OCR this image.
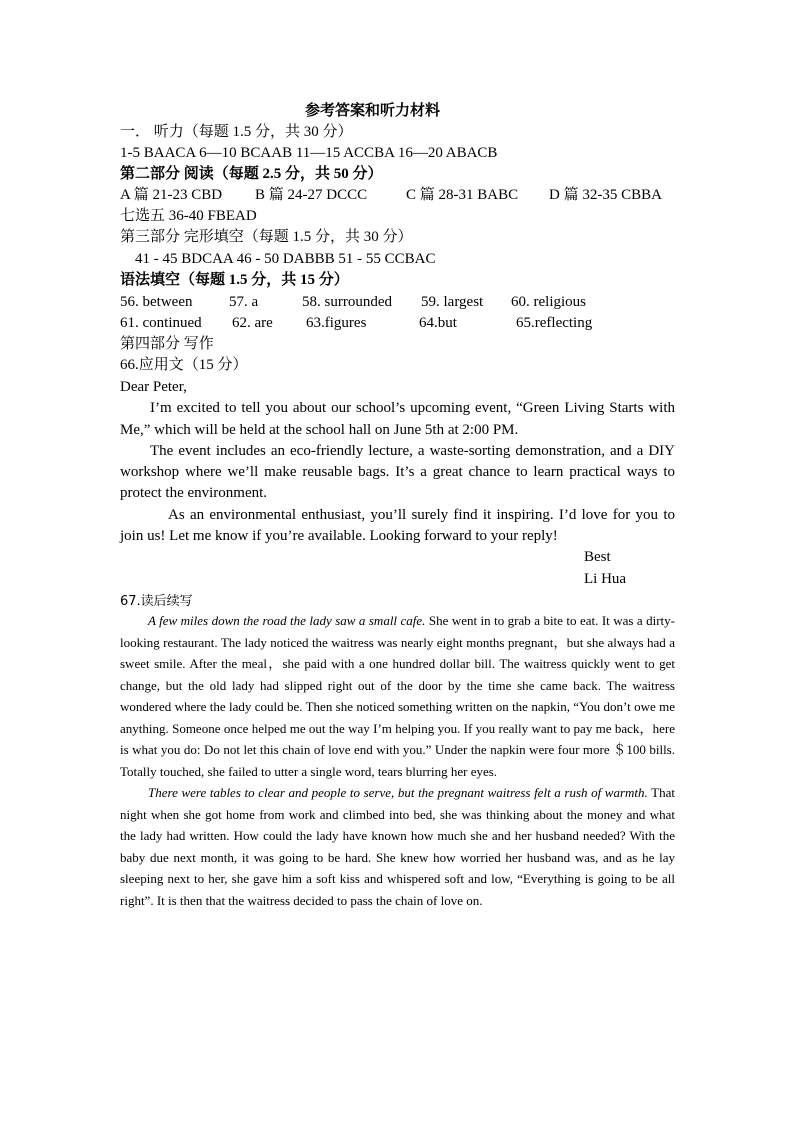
参考答案和听力材料
一． 听力（每题 1.5 分，共 30 分）
1-5 BAACA 6—10 BCAAB 11—15 ACCBA 16—20 ABACB
第二部分 阅读（每题 2.5 分，共 50 分）
A 篇 21-23 CBD B 篇 24-27 DCCC	C 篇 28-31 BABC D 篇 32-35 CBBA
七选五 36-40 FBEAD
第三部分 完形填空（每题 1.5 分，共 30 分）
41 - 45 BDCAA 46 - 50 DABBB 51 - 55 CCBAC
语法填空（每题 1.5 分，共 15 分）
56. between 57. a	58. surrounded 59. largest 60. religious
61. continued 62. are 63.figures	64.but	65.reflecting
第四部分 写作
66.应用文（15 分）

Dear Peter,

I’m excited to tell you about our school’s upcoming event, “Green Living Starts with Me,” which will be held at the school hall on June 5th at 2:00 PM.

The event includes an eco-friendly lecture, a waste-sorting demonstration, and a DIY workshop where we’ll make reusable bags. It’s a great chance to learn practical ways to protect the environment.

As an environmental enthusiast, you’ll surely find it inspiring. I’d love for you to join us! Let me know if you’re available. Looking forward to your reply!

Best

Li Hua

67.读后续写

A few miles down the road the lady saw a small cafe. She went in to grab a bite to eat. It was a dirty-looking restaurant. The lady noticed the waitress was nearly eight months pregnant，but she always had a sweet smile. After the meal，she paid with a one hundred dollar bill. The waitress quickly went to get change, but the old lady had slipped right out of the door by the time she came back. The waitress wondered where the lady could be. Then she noticed something written on the napkin, “You don’t owe me anything. Someone once helped me out the way I’m helping you. If you really want to pay me back，here is what you do: Do not let this chain of love end with you.” Under the napkin were four more ＄100 bills. Totally touched, she failed to utter a single word, tears blurring her eyes.

There were tables to clear and people to serve, but the pregnant waitress felt a rush of warmth. That night when she got home from work and climbed into bed, she was thinking about the money and what the lady had written. How could the lady have known how much she and her husband needed? With the baby due next month, it was going to be hard. She knew how worried her husband was, and as he lay sleeping next to her, she gave him a soft kiss and whispered soft and low, “Everything is going to be all right”. It is then that the waitress decided to pass the chain of love on.
